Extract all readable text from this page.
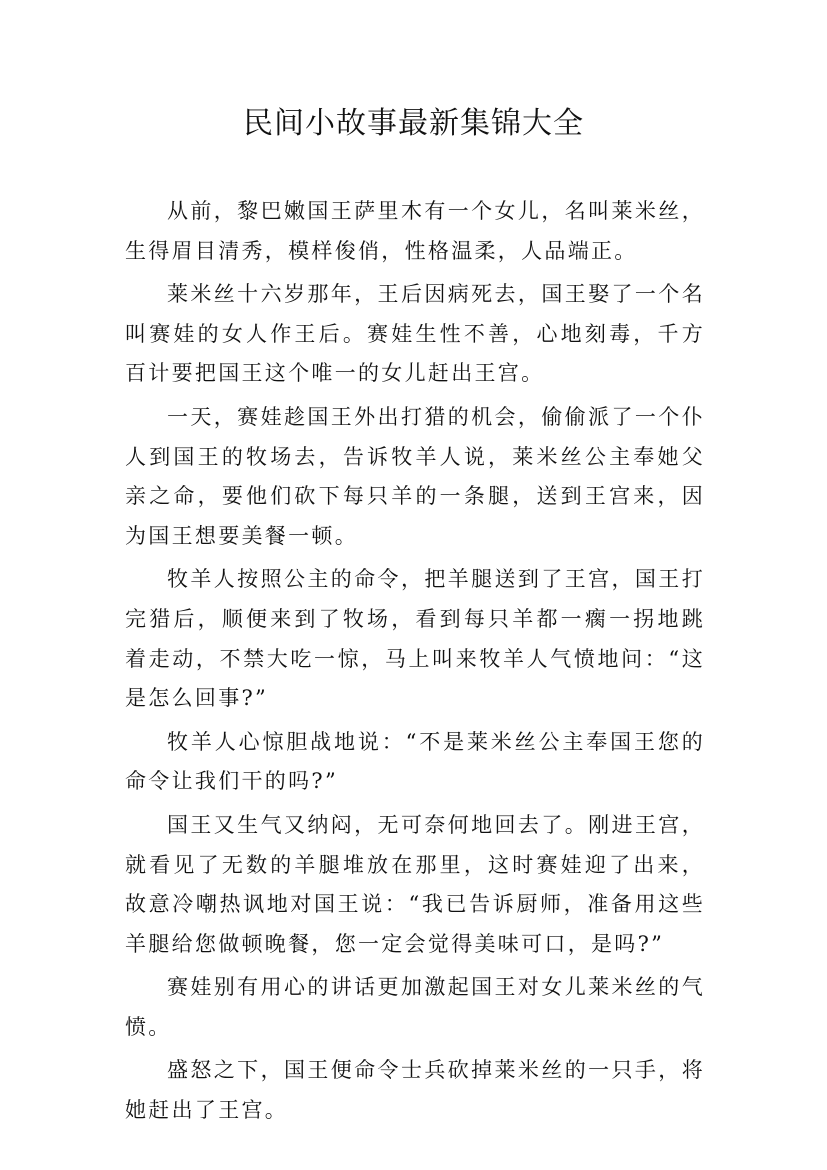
民间小故事最新集锦大全

从前，黎巴嫩国王萨里木有一个女儿，名叫莱米丝，生得眉目清秀，模样俊俏，性格温柔，人品端正。

莱米丝十六岁那年，王后因病死去，国王娶了一个名叫赛娃的女人作王后。赛娃生性不善，心地刻毒，千方百计要把国王这个唯一的女儿赶出王宫。

一天，赛娃趁国王外出打猎的机会，偷偷派了一个仆人到国王的牧场去，告诉牧羊人说，莱米丝公主奉她父亲之命，要他们砍下每只羊的一条腿，送到王宫来，因为国王想要美餐一顿。

牧羊人按照公主的命令，把羊腿送到了王宫，国王打完猎后，顺便来到了牧场，看到每只羊都一瘸一拐地跳着走动，不禁大吃一惊，马上叫来牧羊人气愤地问：“这是怎么回事?”

牧羊人心惊胆战地说：“不是莱米丝公主奉国王您的命令让我们干的吗?”

国王又生气又纳闷，无可奈何地回去了。刚进王宫，就看见了无数的羊腿堆放在那里，这时赛娃迎了出来，故意冷嘲热讽地对国王说：“我已告诉厨师，准备用这些羊腿给您做顿晚餐，您一定会觉得美味可口，是吗?”

赛娃别有用心的讲话更加激起国王对女儿莱米丝的气愤。

盛怒之下，国王便命令士兵砍掉莱米丝的一只手，将她赶出了王宫。
